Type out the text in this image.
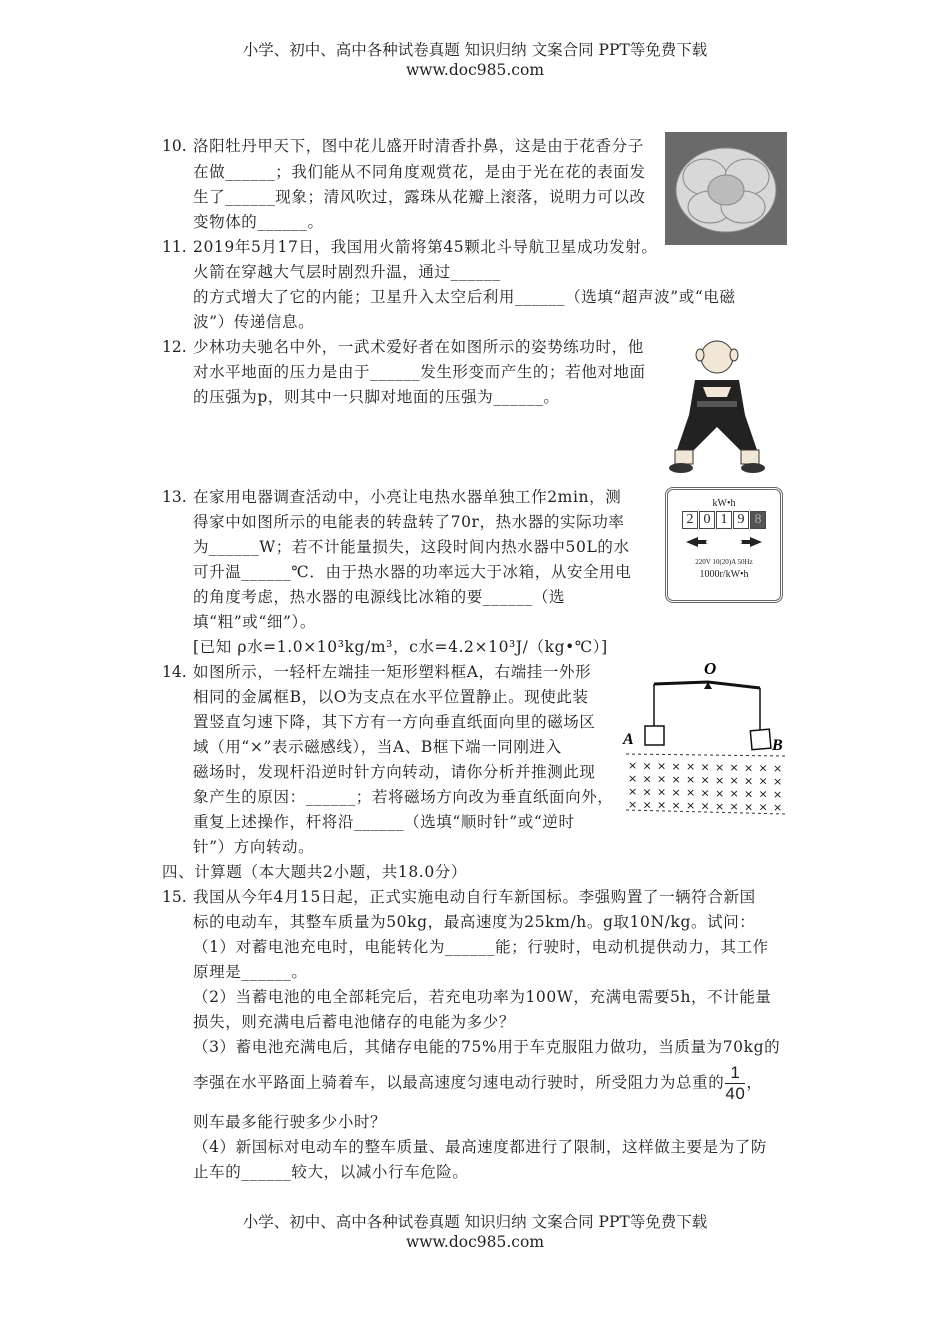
小学、初中、高中各种试卷真题 知识归纳 文案合同 PPT等免费下载
www.doc985.com
10. 洛阳牡丹甲天下，图中花儿盛开时清香扑鼻，这是由于花香分子
在做______；我们能从不同角度观赏花，是由于光在花的表面发
生了______现象；清风吹过，露珠从花瓣上滚落，说明力可以改
变物体的______。
11. 2019年5月17日，我国用火箭将第45颗北斗导航卫星成功发射。
火箭在穿越大气层时剧烈升温，通过______
的方式增大了它的内能；卫星升入太空后利用______（选填“超声波”或“电磁
波”）传递信息。
12. 少林功夫驰名中外，一武术爱好者在如图所示的姿势练功时，他
对水平地面的压力是由于______发生形变而产生的；若他对地面
的压强为p，则其中一只脚对地面的压强为______。
13. 在家用电器调查活动中，小亮让电热水器单独工作2min，测
得家中如图所示的电能表的转盘转了70r，热水器的实际功率
为______W；若不计能量损失，这段时间内热水器中50L的水
可升温______℃．由于热水器的功率远大于冰箱，从安全用电
的角度考虑，热水器的电源线比冰箱的要______（选
填“粗”或“细”）。
[已知 ρ水=1.0×10³kg/m³，c水=4.2×10³J/（kg•℃）]
14. 如图所示，一轻杆左端挂一矩形塑料框A，右端挂一外形
相同的金属框B，以O为支点在水平位置静止。现使此装
置竖直匀速下降，其下方有一方向垂直纸面向里的磁场区
域（用“×”表示磁感线），当A、B框下端一同刚进入
磁场时，发现杆沿逆时针方向转动，请你分析并推测此现
象产生的原因：______；若将磁场方向改为垂直纸面向外，
重复上述操作，杆将沿______（选填“顺时针”或“逆时
针”）方向转动。
四、计算题（本大题共2小题，共18.0分）
15. 我国从今年4月15日起，正式实施电动自行车新国标。李强购置了一辆符合新国
标的电动车，其整车质量为50kg，最高速度为25km/h。g取10N/kg。试问：
（1）对蓄电池充电时，电能转化为______能；行驶时，电动机提供动力，其工作
原理是______。
（2）当蓄电池的电全部耗完后，若充电功率为100W，充满电需要5h，不计能量
损失，则充满电后蓄电池储存的电能为多少？
（3）蓄电池充满电后，其储存电能的75%用于车克服阻力做功，当质量为70kg的
李强在水平路面上骑着车，以最高速度匀速电动行驶时，所受阻力为总重的 $\frac{1}{40}$ ，
则车最多能行驶多少小时？
（4）新国标对电动车的整车质量、最高速度都进行了限制，这样做主要是为了防
止车的______较大，以减小行车危险。
kW•h
2 0 1 9 8
220V 10(20)A 50Hz
1000r/kW•h
O
A	B
× × × × × × × × × × ×
× × × × × × × × × × ×
× × × × × × × × × × ×
× × × × × × × × × × ×
小学、初中、高中各种试卷真题 知识归纳 文案合同 PPT等免费下载
www.doc985.com
